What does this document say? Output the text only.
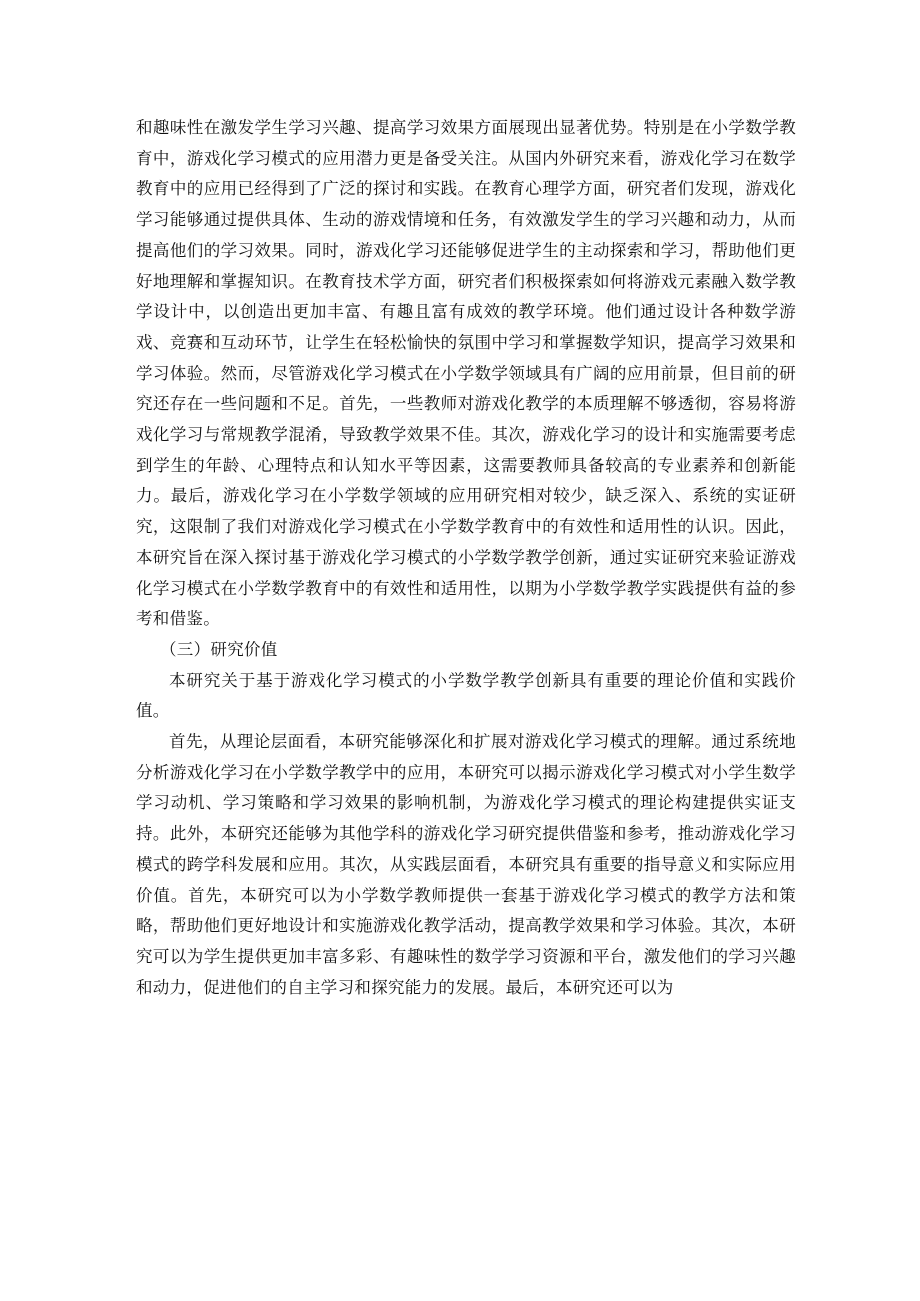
和趣味性在激发学生学习兴趣、提高学习效果方面展现出显著优势。特别是在小学数学教育中，游戏化学习模式的应用潜力更是备受关注。从国内外研究来看，游戏化学习在数学教育中的应用已经得到了广泛的探讨和实践。在教育心理学方面，研究者们发现，游戏化学习能够通过提供具体、生动的游戏情境和任务，有效激发学生的学习兴趣和动力，从而提高他们的学习效果。同时，游戏化学习还能够促进学生的主动探索和学习，帮助他们更好地理解和掌握知识。在教育技术学方面，研究者们积极探索如何将游戏元素融入数学教学设计中，以创造出更加丰富、有趣且富有成效的教学环境。他们通过设计各种数学游戏、竞赛和互动环节，让学生在轻松愉快的氛围中学习和掌握数学知识，提高学习效果和学习体验。然而，尽管游戏化学习模式在小学数学领域具有广阔的应用前景，但目前的研究还存在一些问题和不足。首先，一些教师对游戏化教学的本质理解不够透彻，容易将游戏化学习与常规教学混淆，导致教学效果不佳。其次，游戏化学习的设计和实施需要考虑到学生的年龄、心理特点和认知水平等因素，这需要教师具备较高的专业素养和创新能力。最后，游戏化学习在小学数学领域的应用研究相对较少，缺乏深入、系统的实证研究，这限制了我们对游戏化学习模式在小学数学教育中的有效性和适用性的认识。因此，本研究旨在深入探讨基于游戏化学习模式的小学数学教学创新，通过实证研究来验证游戏化学习模式在小学数学教育中的有效性和适用性，以期为小学数学教学实践提供有益的参考和借鉴。

（三）研究价值

本研究关于基于游戏化学习模式的小学数学教学创新具有重要的理论价值和实践价值。

首先，从理论层面看，本研究能够深化和扩展对游戏化学习模式的理解。通过系统地分析游戏化学习在小学数学教学中的应用，本研究可以揭示游戏化学习模式对小学生数学学习动机、学习策略和学习效果的影响机制，为游戏化学习模式的理论构建提供实证支持。此外，本研究还能够为其他学科的游戏化学习研究提供借鉴和参考，推动游戏化学习模式的跨学科发展和应用。其次，从实践层面看，本研究具有重要的指导意义和实际应用价值。首先，本研究可以为小学数学教师提供一套基于游戏化学习模式的教学方法和策略，帮助他们更好地设计和实施游戏化教学活动，提高教学效果和学习体验。其次，本研究可以为学生提供更加丰富多彩、有趣味性的数学学习资源和平台，激发他们的学习兴趣和动力，促进他们的自主学习和探究能力的发展。最后，本研究还可以为
